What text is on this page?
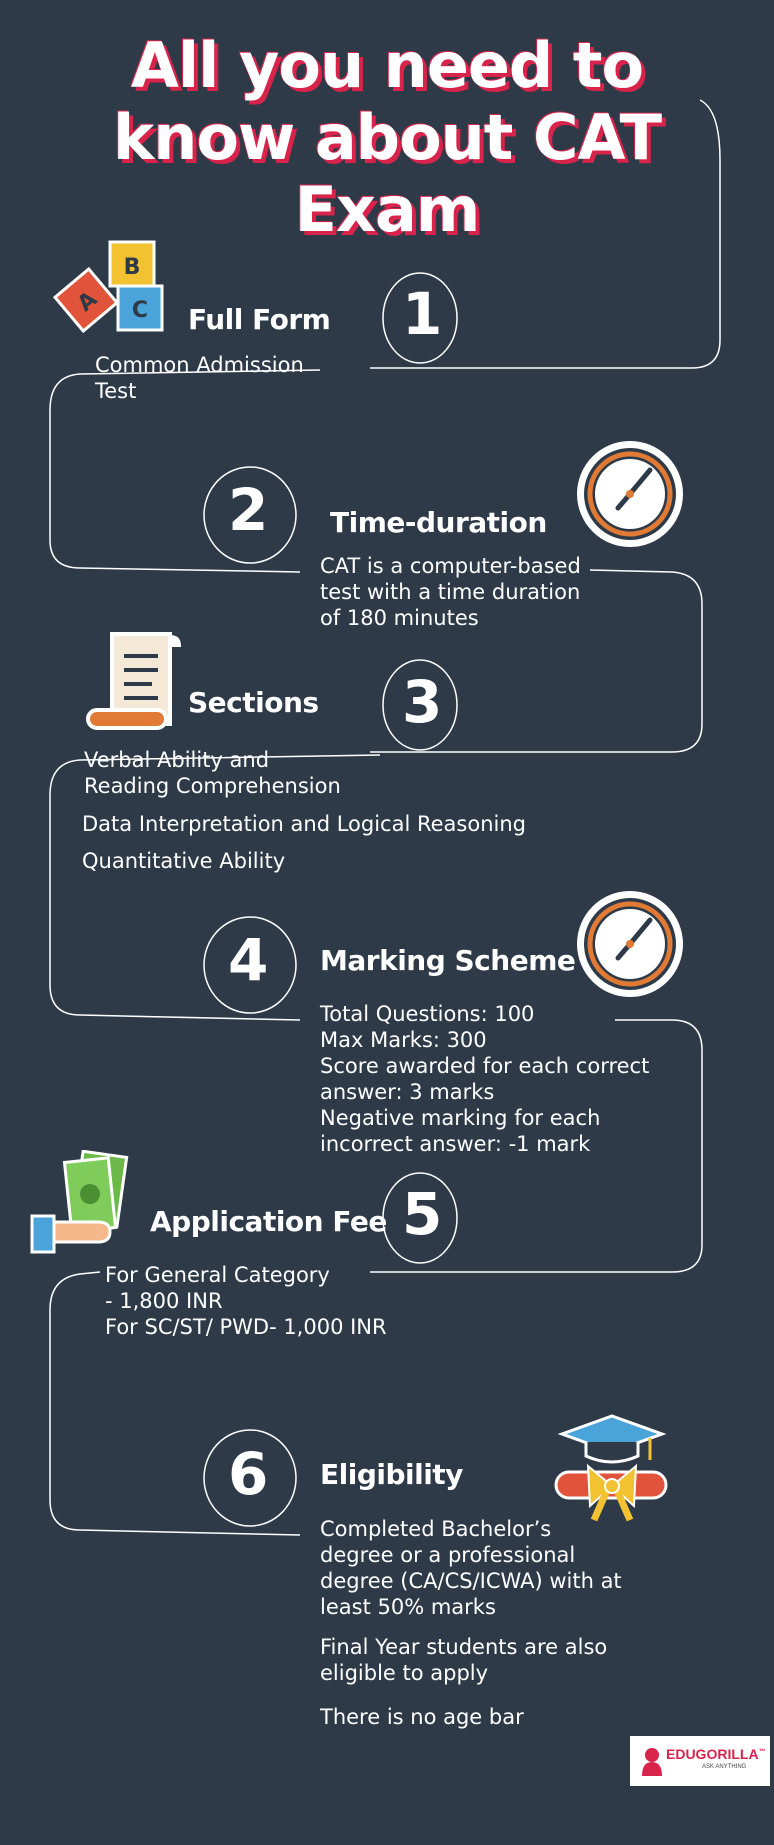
All you need to
know about CAT
Exam
B
C
A
Full Form 1
Common Admission
Test
2 Time-duration
CAT is a computer-based
test with a time duration
of 180 minutes
Sections 3
Verbal Ability and
Reading Comprehension
Data Interpretation and Logical Reasoning
Quantitative Ability
4 Marking Scheme
Total Questions: 100
Max Marks: 300
Score awarded for each correct
answer: 3 marks
Negative marking for each
incorrect answer: -1 mark
Application Fee 5
For General Category
- 1,800 INR
For SC/ST/ PWD- 1,000 INR
6 Eligibility
Completed Bachelor’s
degree or a professional
degree (CA/CS/ICWA) with at
least 50% marks
Final Year students are also
eligible to apply
There is no age bar
EDUGORILLA™
ASK ANYTHING
